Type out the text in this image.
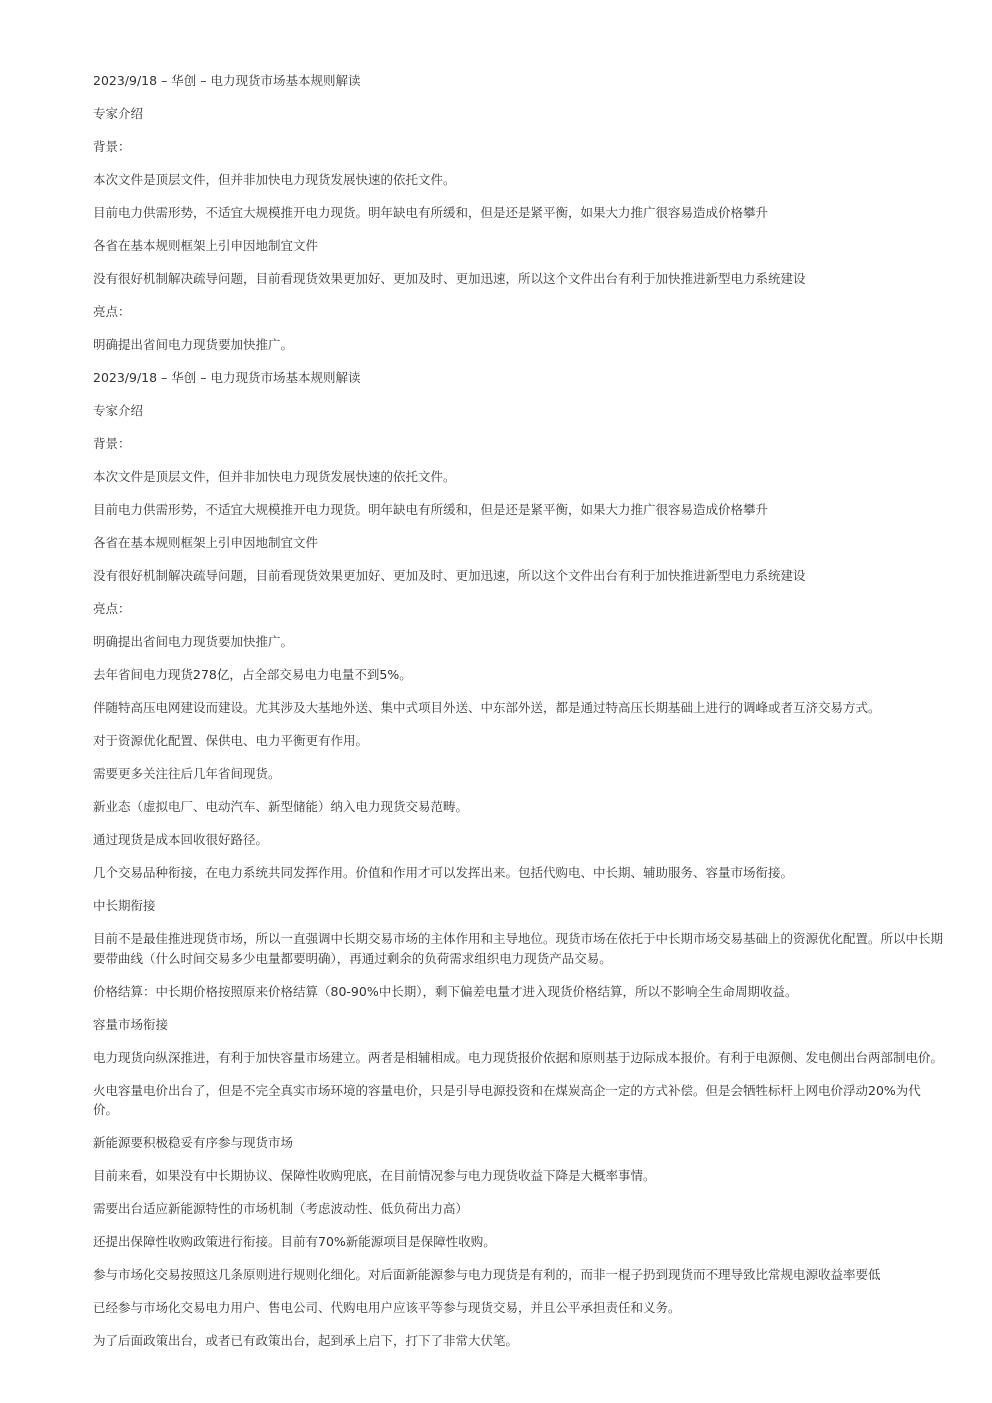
2023/9/18 – 华创 – 电力现货市场基本规则解读

专家介绍

背景：

本次文件是顶层文件，但并非加快电力现货发展快速的依托文件。

目前电力供需形势，不适宜大规模推开电力现货。明年缺电有所缓和，但是还是紧平衡，如果大力推广很容易造成价格攀升

各省在基本规则框架上引申因地制宜文件

没有很好机制解决疏导问题，目前看现货效果更加好、更加及时、更加迅速，所以这个文件出台有利于加快推进新型电力系统建设

亮点：

明确提出省间电力现货要加快推广。

2023/9/18 – 华创 – 电力现货市场基本规则解读

专家介绍

背景：

本次文件是顶层文件，但并非加快电力现货发展快速的依托文件。

目前电力供需形势，不适宜大规模推开电力现货。明年缺电有所缓和，但是还是紧平衡，如果大力推广很容易造成价格攀升

各省在基本规则框架上引申因地制宜文件

没有很好机制解决疏导问题，目前看现货效果更加好、更加及时、更加迅速，所以这个文件出台有利于加快推进新型电力系统建设

亮点：

明确提出省间电力现货要加快推广。

去年省间电力现货278亿，占全部交易电力电量不到5%。

伴随特高压电网建设而建设。尤其涉及大基地外送、集中式项目外送、中东部外送，都是通过特高压长期基础上进行的调峰或者互济交易方式。

对于资源优化配置、保供电、电力平衡更有作用。

需要更多关注往后几年省间现货。

新业态（虚拟电厂、电动汽车、新型储能）纳入电力现货交易范畴。

通过现货是成本回收很好路径。

几个交易品种衔接，在电力系统共同发挥作用。价值和作用才可以发挥出来。包括代购电、中长期、辅助服务、容量市场衔接。

中长期衔接

目前不是最佳推进现货市场，所以一直强调中长期交易市场的主体作用和主导地位。现货市场在依托于中长期市场交易基础上的资源优化配置。所以中长期要带曲线（什么时间交易多少电量都要明确），再通过剩余的负荷需求组织电力现货产品交易。

价格结算：中长期价格按照原来价格结算（80-90%中长期），剩下偏差电量才进入现货价格结算，所以不影响全生命周期收益。

容量市场衔接

电力现货向纵深推进，有利于加快容量市场建立。两者是相辅相成。电力现货报价依据和原则基于边际成本报价。有利于电源侧、发电侧出台两部制电价。

火电容量电价出台了，但是不完全真实市场环境的容量电价，只是引导电源投资和在煤炭高企一定的方式补偿。但是会牺牲标杆上网电价浮动20%为代价。

新能源要积极稳妥有序参与现货市场

目前来看，如果没有中长期协议、保障性收购兜底，在目前情况参与电力现货收益下降是大概率事情。

需要出台适应新能源特性的市场机制（考虑波动性、低负荷出力高）

还提出保障性收购政策进行衔接。目前有70%新能源项目是保障性收购。

参与市场化交易按照这几条原则进行规则化细化。对后面新能源参与电力现货是有利的，而非一棍子扔到现货而不理导致比常规电源收益率要低

已经参与市场化交易电力用户、售电公司、代购电用户应该平等参与现货交易，并且公平承担责任和义务。

为了后面政策出台，或者已有政策出台，起到承上启下，打下了非常大伏笔。
